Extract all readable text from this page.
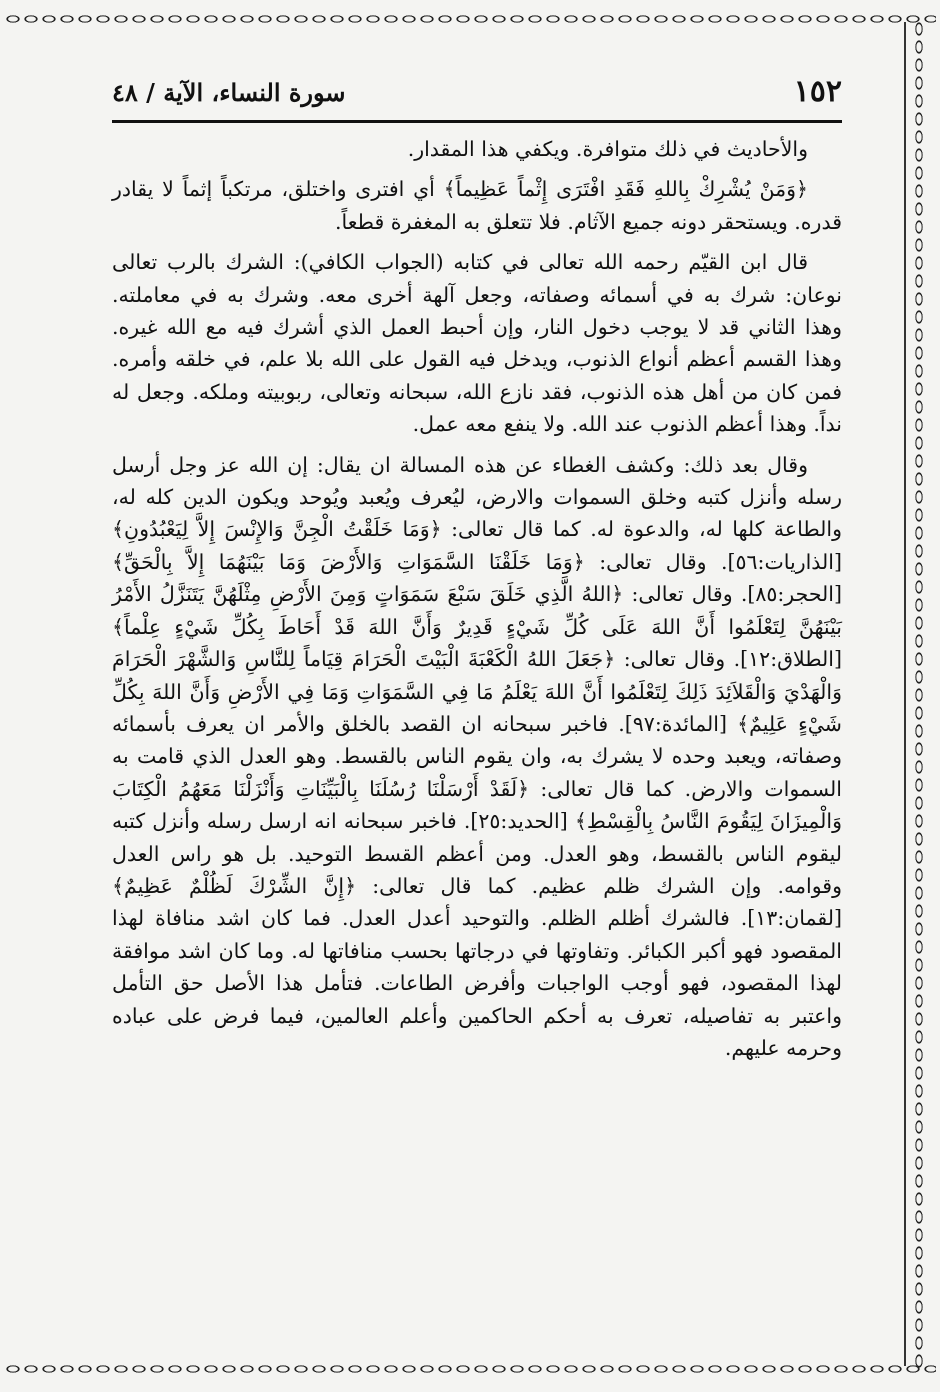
١٥٢
سورة النساء، الآية / ٤٨

والأحاديث في ذلك متوافرة. ويكفي هذا المقدار.

﴿وَمَنْ يُشْرِكْ بِاللهِ فَقَدِ افْتَرَى إِثْماً عَظِيماً﴾ أي افترى واختلق، مرتكباً إثماً لا يقادر قدره. ويستحقر دونه جميع الآثام. فلا تتعلق به المغفرة قطعاً.

قال ابن القيّم رحمه الله تعالى في كتابه (الجواب الكافي): الشرك بالرب تعالى نوعان: شرك به في أسمائه وصفاته، وجعل آلهة أخرى معه. وشرك به في معاملته. وهذا الثاني قد لا يوجب دخول النار، وإن أحبط العمل الذي أشرك فيه مع الله غيره. وهذا القسم أعظم أنواع الذنوب، ويدخل فيه القول على الله بلا علم، في خلقه وأمره. فمن كان من أهل هذه الذنوب، فقد نازع الله، سبحانه وتعالى، ربوبيته وملكه. وجعل له نداً. وهذا أعظم الذنوب عند الله. ولا ينفع معه عمل.

وقال بعد ذلك: وكشف الغطاء عن هذه المسالة ان يقال: إن الله عز وجل أرسل رسله وأنزل كتبه وخلق السموات والارض، ليُعرف ويُعبد ويُوحد ويكون الدين كله له، والطاعة كلها له، والدعوة له. كما قال تعالى: ﴿وَمَا خَلَقْتُ الْجِنَّ وَالإِنْسَ إِلاَّ لِيَعْبُدُونِ﴾ [الذاريات:٥٦]. وقال تعالى: ﴿وَمَا خَلَقْنَا السَّمَوَاتِ وَالأَرْضَ وَمَا بَيْنَهُمَا إِلاَّ بِالْحَقِّ﴾ [الحجر:٨٥]. وقال تعالى: ﴿اللهُ الَّذِي خَلَقَ سَبْعَ سَمَوَاتٍ وَمِنَ الأَرْضِ مِثْلَهُنَّ يَتَنَزَّلُ الأَمْرُ بَيْنَهُنَّ لِتَعْلَمُوا أَنَّ اللهَ عَلَى كُلِّ شَيْءٍ قَدِيرٌ وَأَنَّ اللهَ قَدْ أَحَاطَ بِكُلِّ شَيْءٍ عِلْماً﴾ [الطلاق:١٢]. وقال تعالى: ﴿جَعَلَ اللهُ الْكَعْبَةَ الْبَيْتَ الْحَرَامَ قِيَاماً لِلنَّاسِ وَالشَّهْرَ الْحَرَامَ وَالْهَدْيَ وَالْقَلاَئِدَ ذَلِكَ لِتَعْلَمُوا أَنَّ اللهَ يَعْلَمُ مَا فِي السَّمَوَاتِ وَمَا فِي الأَرْضِ وَأَنَّ اللهَ بِكُلِّ شَيْءٍ عَلِيمٌ﴾ [المائدة:٩٧]. فاخبر سبحانه ان القصد بالخلق والأمر ان يعرف بأسمائه وصفاته، ويعبد وحده لا يشرك به، وان يقوم الناس بالقسط. وهو العدل الذي قامت به السموات والارض. كما قال تعالى: ﴿لَقَدْ أَرْسَلْنَا رُسُلَنَا بِالْبَيِّنَاتِ وَأَنْزَلْنَا مَعَهُمُ الْكِتَابَ وَالْمِيزَانَ لِيَقُومَ النَّاسُ بِالْقِسْطِ﴾ [الحديد:٢٥]. فاخبر سبحانه انه ارسل رسله وأنزل كتبه ليقوم الناس بالقسط، وهو العدل. ومن أعظم القسط التوحيد. بل هو راس العدل وقوامه. وإن الشرك ظلم عظيم. كما قال تعالى: ﴿إِنَّ الشِّرْكَ لَظُلْمٌ عَظِيمٌ﴾ [لقمان:١٣]. فالشرك أظلم الظلم. والتوحيد أعدل العدل. فما كان اشد منافاة لهذا المقصود فهو أكبر الكبائر. وتفاوتها في درجاتها بحسب منافاتها له. وما كان اشد موافقة لهذا المقصود، فهو أوجب الواجبات وأفرض الطاعات. فتأمل هذا الأصل حق التأمل واعتبر به تفاصيله، تعرف به أحكم الحاكمين وأعلم العالمين، فيما فرض على عباده وحرمه عليهم.
